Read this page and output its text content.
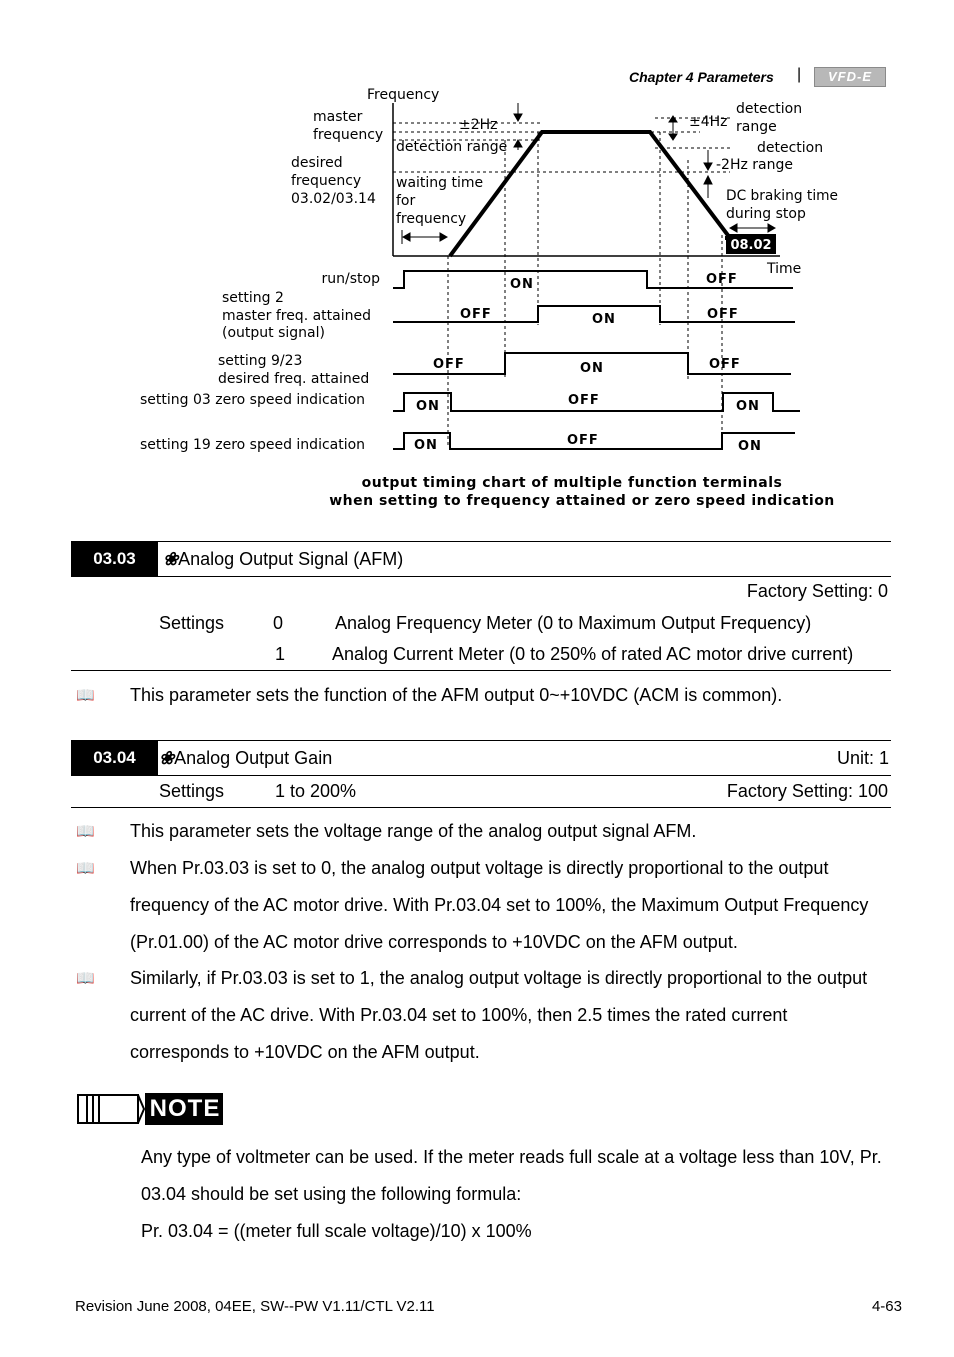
Chapter 4 Parameters |	VFD-E
08.02
Frequency
master
frequency
desired
frequency
03.02/03.14
±2Hz
detection range
±4Hz
detection
range
detection
-2Hz range
waiting time
for
frequency
DC braking time
during stop
Time
run/stop
setting 2
master freq. attained
(output signal)
setting 9/23
desired freq. attained
setting 03 zero speed indication
setting 19 zero speed indication
ON	OFF
OFF	ON	OFF
OFF	ON	OFF
ON	OFF	ON
ON	OFF	ON
output timing chart of multiple function terminals
when setting to frequency attained or zero speed indication
03.03	❀Analog Output Signal (AFM)
Factory Setting: 0
Settings	0	Analog Frequency Meter (0 to Maximum Output Frequency)
1	Analog Current Meter (0 to 250% of rated AC motor drive current)
📖 This parameter sets the function of the AFM output 0~+10VDC (ACM is common).
03.04	❀Analog Output Gain	Unit: 1
Settings	1 to 200%	Factory Setting: 100
📖 This parameter sets the voltage range of the analog output signal AFM.
📖 When Pr.03.03 is set to 0, the analog output voltage is directly proportional to the output
frequency of the AC motor drive. With Pr.03.04 set to 100%, the Maximum Output Frequency
(Pr.01.00) of the AC motor drive corresponds to +10VDC on the AFM output.
📖 Similarly, if Pr.03.03 is set to 1, the analog output voltage is directly proportional to the output
current of the AC drive. With Pr.03.04 set to 100%, then 2.5 times the rated current
corresponds to +10VDC on the AFM output.
NOTE
Any type of voltmeter can be used. If the meter reads full scale at a voltage less than 10V, Pr.
03.04 should be set using the following formula:
Pr. 03.04 = ((meter full scale voltage)/10) x 100%
Revision June 2008, 04EE, SW--PW V1.11/CTL V2.11	4-63
